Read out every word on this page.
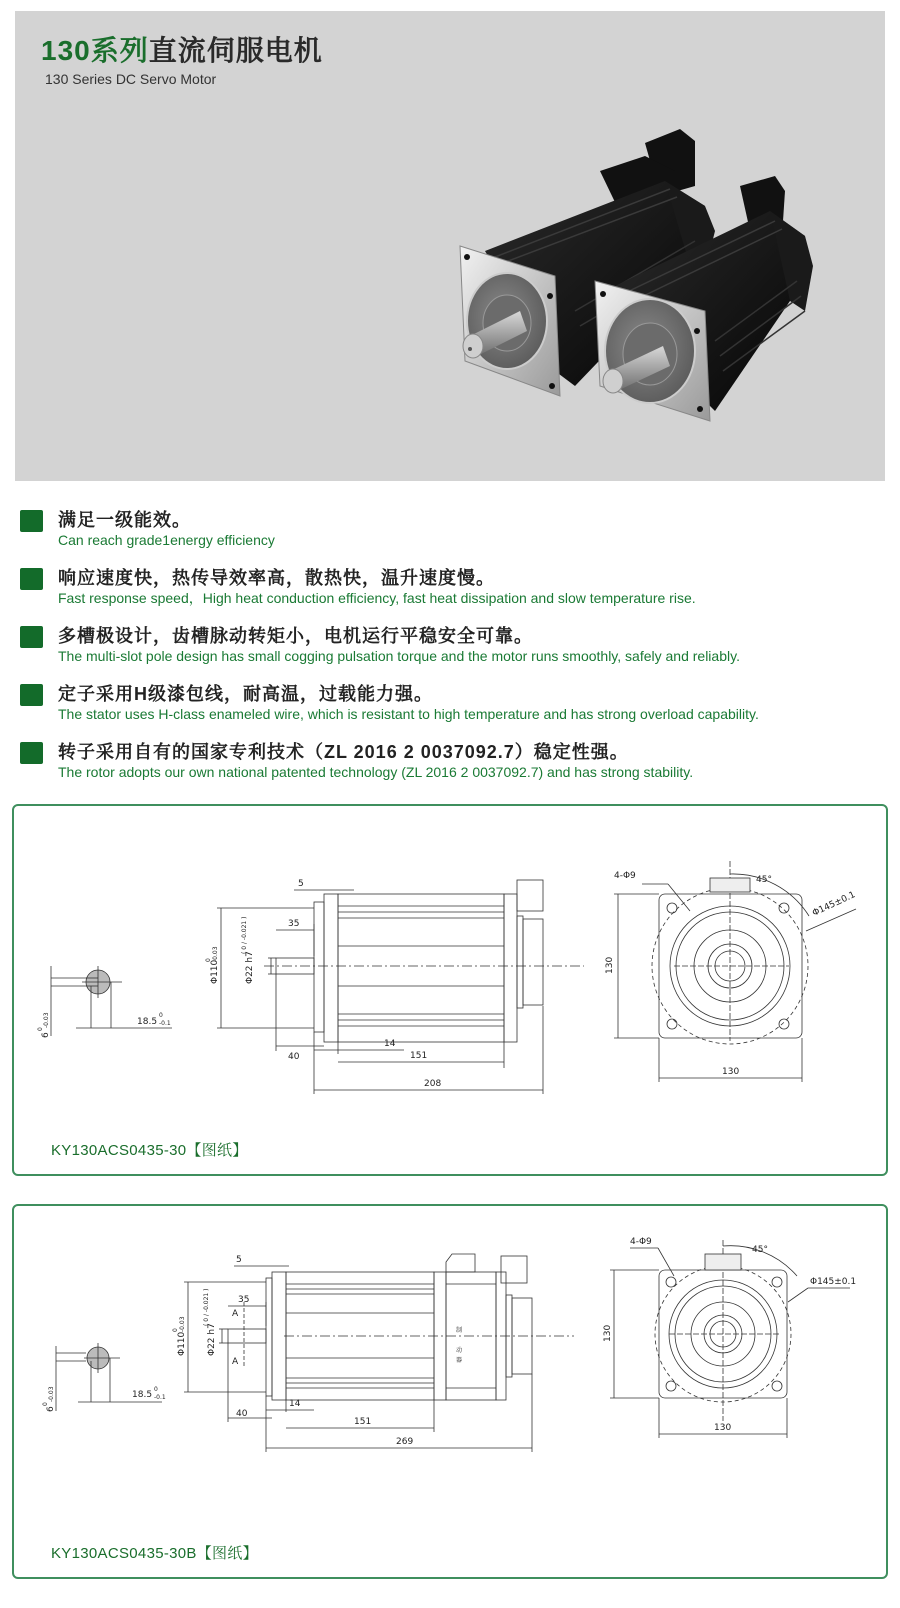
130系列直流伺服电机
130 Series DC Servo Motor
满足一级能效。
Can reach grade1energy efficiency
响应速度快，热传导效率高，散热快，温升速度慢。
Fast response speed，High heat conduction efficiency, fast heat dissipation and slow temperature rise.
多槽极设计，齿槽脉动转矩小，电机运行平稳安全可靠。
The multi-slot pole design has small cogging pulsation torque and the motor runs smoothly, safely and reliably.
定子采用H级漆包线，耐高温，过载能力强。
The stator uses H-class enameled wire, which is resistant to high temperature and has strong overload capability.
转子采用自有的国家专利技术（ZL 2016 2 0037092.7）稳定性强。
The rotor adopts our own national patented technology (ZL 2016 2 0037092.7) and has strong stability.
18.5
0
-0.1
6
0
-0.03
35
5
Φ110
0 -0.03	Φ22 h7
( 0 / -0.021 )
40
14
151
208
4-Φ9	45°
Φ145±0.1
130
130
KY130ACS0435-30【图纸】
18.5
0
-0.1
6
0
-0.03
制
动
器
A
A
35
5
Φ110
0 -0.03 Φ22 h7
( 0 / -0.021 )
40
14
151
269
4-Φ9
45°
Φ145±0.1
130
130
KY130ACS0435-30B【图纸】
